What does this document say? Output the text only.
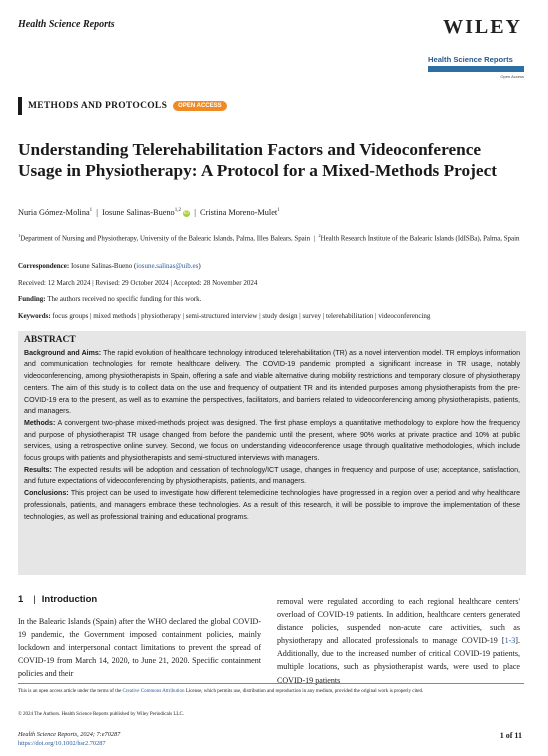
Health Science Reports	WILEY
Health Science Reports
Open Access
METHODS AND PROTOCOLS	OPEN ACCESS
Understanding Telerehabilitation Factors and Videoconference Usage in Physiotherapy: A Protocol for a Mixed-Methods Project
Nuria Gómez-Molina$^1$  |  Iosune Salinas-Bueno$^{1,2}$ iD  |  Cristina Moreno-Mulet$^1$
$^1$Department of Nursing and Physiotherapy, University of the Balearic Islands, Palma, Illes Balears, Spain  |  $^2$Health Research Institute of the Balearic Islands (IdISBa), Palma, Spain
Correspondence: Iosune Salinas-Bueno (iosune.salinas@uib.es)
Received: 12 March 2024 | Revised: 29 October 2024 | Accepted: 28 November 2024
Funding: The authors received no specific funding for this work.
Keywords: focus groups | mixed methods | physiotherapy | semi-structured interview | study design | survey | telerehabilitation | videoconferencing
ABSTRACT
Background and Aims: The rapid evolution of healthcare technology introduced telerehabilitation (TR) as a novel intervention model. TR employs information and communication technologies for remote healthcare delivery. The COVID-19 pandemic prompted a significant increase in TR usage, notably videoconferencing, among physiotherapists in Spain, offering a safe and viable alternative during mobility restrictions and temporary closure of physiotherapy centers. The aim of this study is to collect data on the use and frequency of outpatient TR and its intended purposes among physiotherapists from the pre-COVID-19 era to the present, as well as to examine the perspectives, facilitators, and barriers related to videoconferencing among physiotherapists, patients, and managers.
Methods: A convergent two-phase mixed-methods project was designed. The first phase employs a quantitative methodology to explore how the frequency and purpose of physiotherapist TR usage changed from before the pandemic until the present, where 90% works at private practice and 10% at public services, using a retrospective online survey. Second, we focus on understanding videoconference usage through qualitative methodologies, which include focus groups with patients and physiotherapists and semi-structured interviews with managers.
Results: The expected results will be adoption and cessation of technology/ICT usage, changes in frequency and purpose of use; acceptance, satisfaction, and future expectations of videoconferencing by physiotherapists, patients, and managers.
Conclusions: This project can be used to investigate how different telemedicine technologies have progressed in a region over a period and why healthcare professionals, patients, and managers embrace these technologies. As a result of this research, it will be possible to improve the implementation of these technologies, as well as professional training and educational programs.
1 | Introduction
In the Balearic Islands (Spain) after the WHO declared the global COVID-19 pandemic, the Government imposed containment policies, mainly lockdown and interpersonal contact limitations to prevent the spread of COVID-19 from March 14, 2020, to June 21, 2020. Specific containment policies and their
removal were regulated according to each regional healthcare centers' overload of COVID-19 patients. In addition, healthcare centers generated distance policies, suspended non-acute care activities, such as physiotherapy and allocated professionals to manage COVID-19 [1-3]. Additionally, due to the increased number of critical COVID-19 patients, multiple locations, such as physiotherapist wards, were used to place COVID-19 patients
This is an open access article under the terms of the Creative Commons Attribution License, which permits use, distribution and reproduction in any medium, provided the original work is properly cited.
© 2024 The Authors. Health Science Reports published by Wiley Periodicals LLC.
Health Science Reports, 2024; 7:e70287
https://doi.org/10.1002/hsr2.70287
1 of 11
